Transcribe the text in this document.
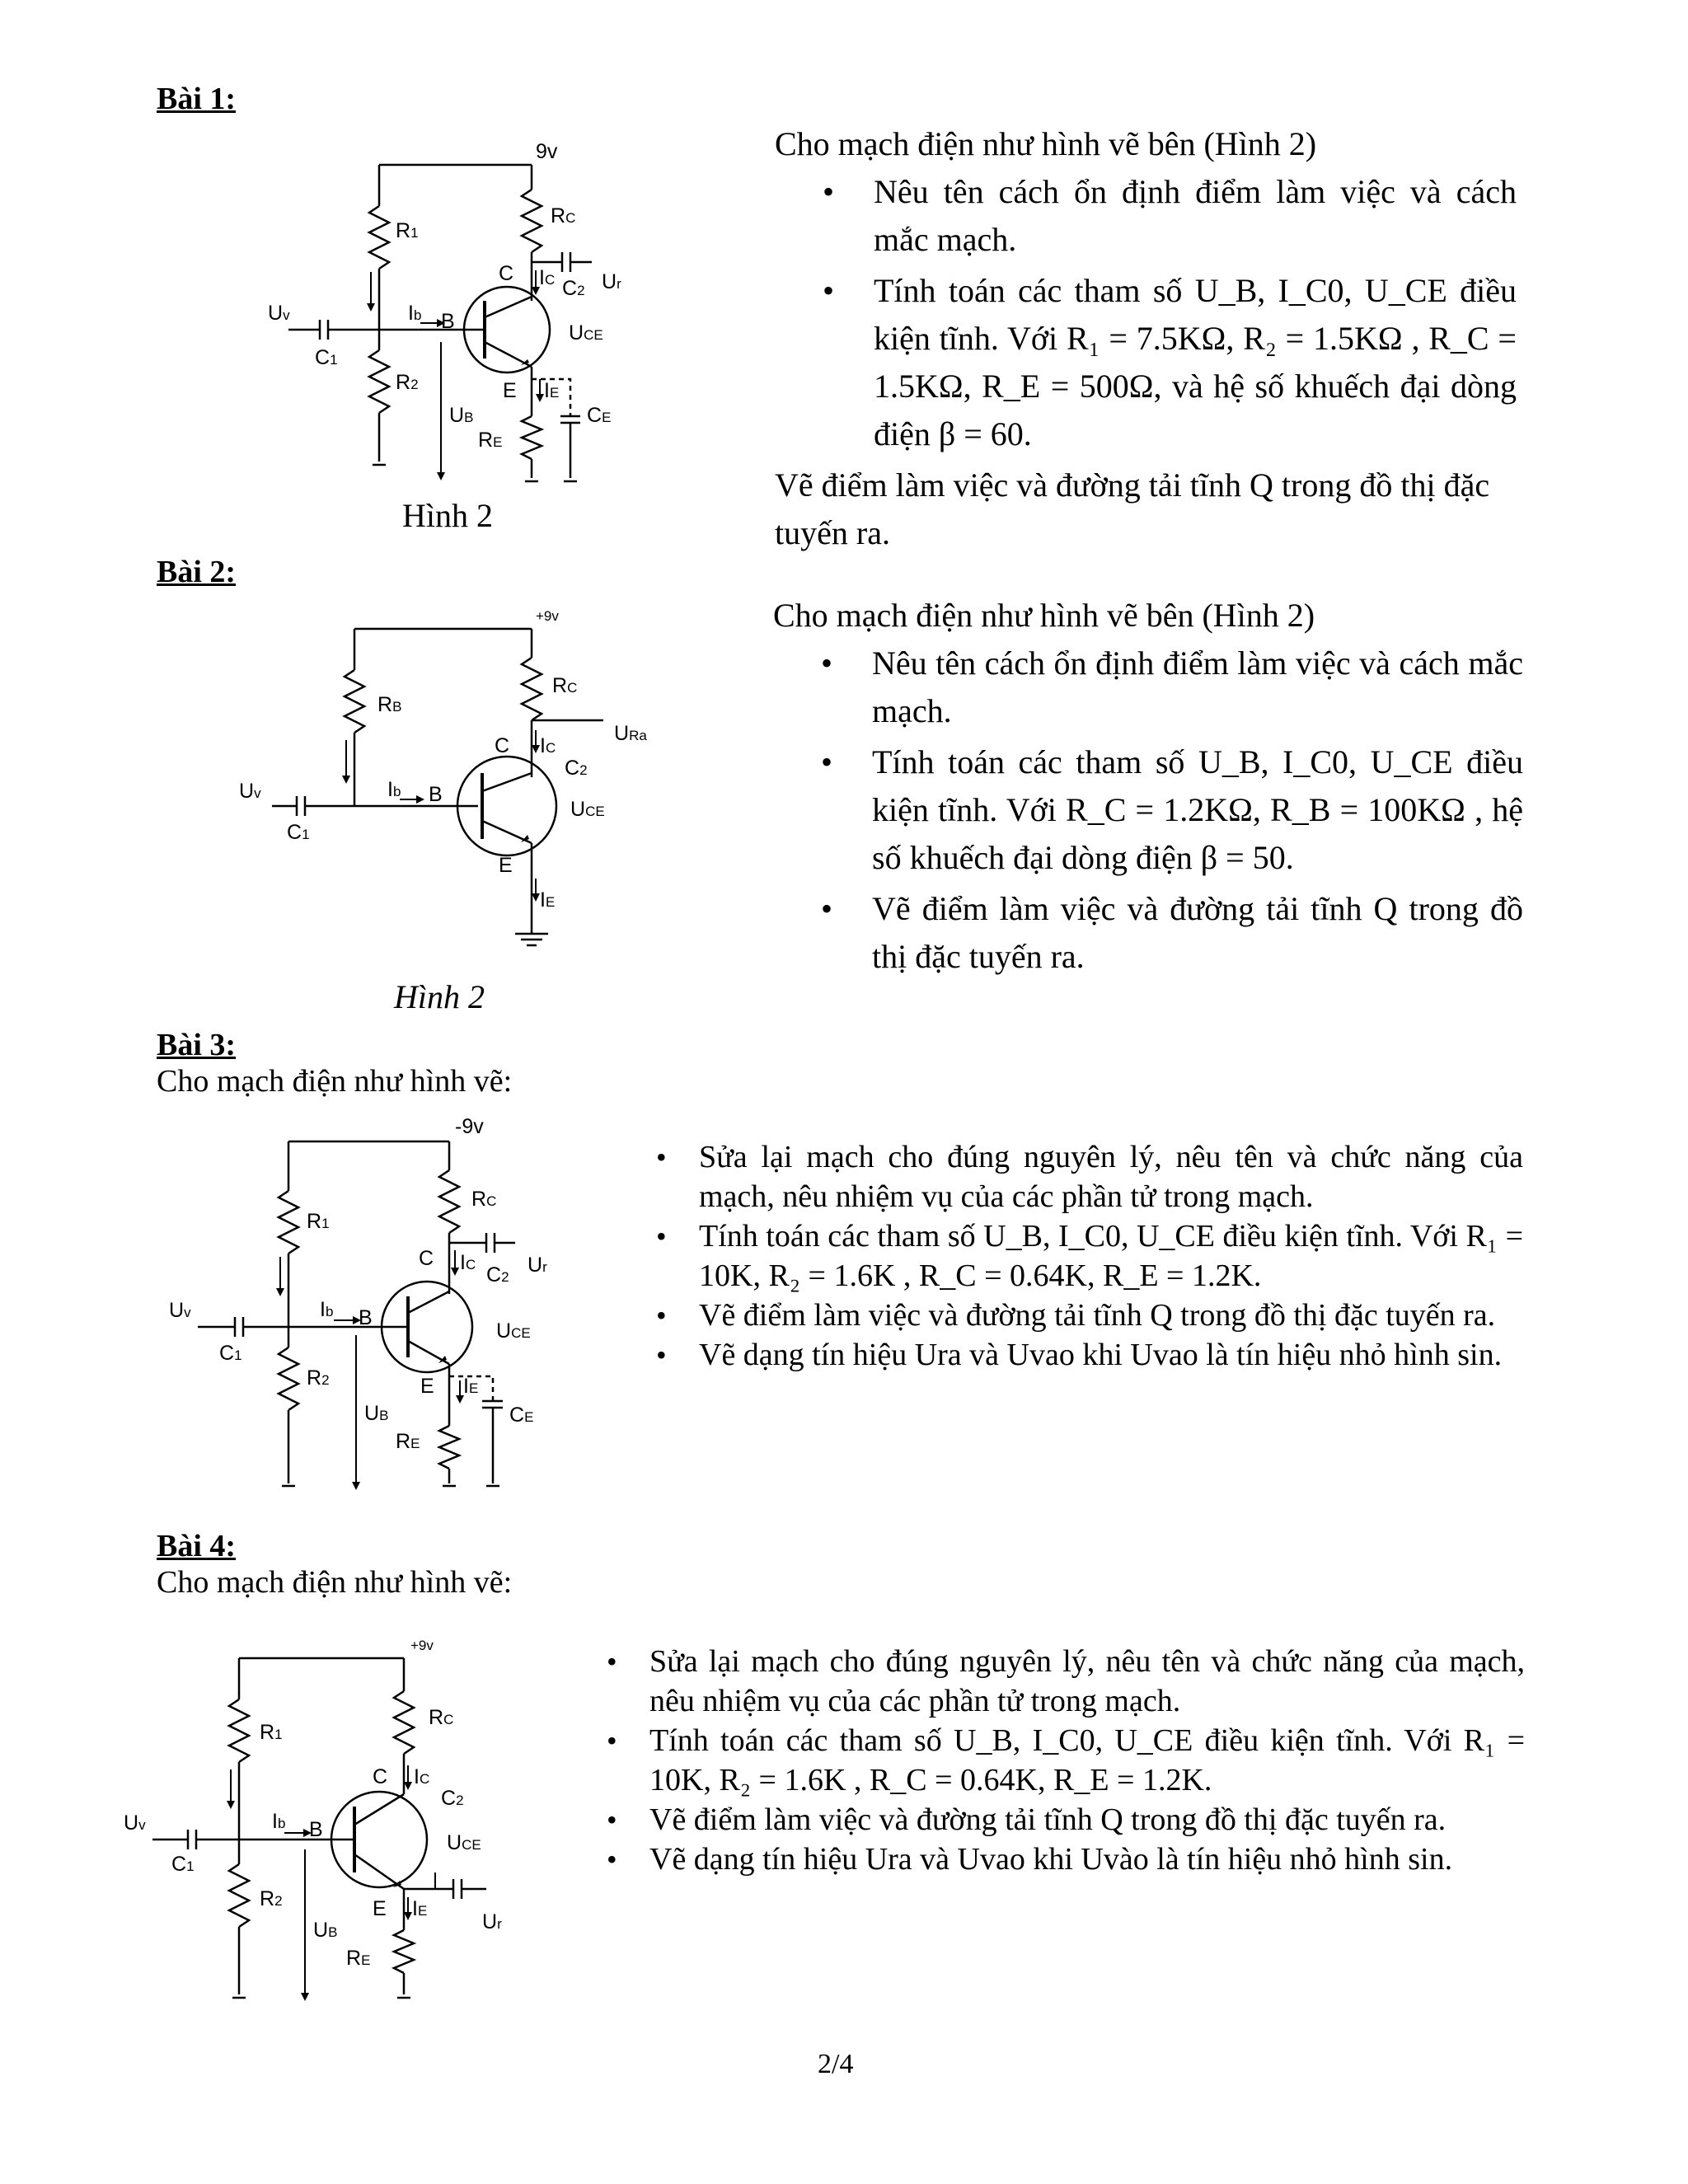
Bài 1:
9v
R1
R2
RC
RE
C IC C2 Ur
Uv
C1
Ib B	UCE
E IE
CE
UB
Hình 2
Cho mạch điện như hình vẽ bên (Hình 2)
• Nêu tên cách ổn định điểm làm việc và cách mắc mạch.
• Tính toán các tham số U_B, I_C0, U_CE điều kiện tĩnh. Với R₁ = 7.5KΩ, R₂ = 1.5KΩ , R_C = 1.5KΩ, R_E = 500Ω, và hệ số khuếch đại dòng điện β = 60.
Vẽ điểm làm việc và đường tải tĩnh Q trong đồ thị đặc tuyến ra.
Bài 2:
+9v
RB
RC
URa
C IC
C2
Uv
C1
Ib B
UCE
E
IE
Hình 2
Cho mạch điện như hình vẽ bên (Hình 2)
• Nêu tên cách ổn định điểm làm việc và cách mắc mạch.
• Tính toán các tham số U_B, I_C0, U_CE điều kiện tĩnh. Với R_C = 1.2KΩ, R_B = 100KΩ , hệ số khuếch đại dòng điện β = 50.
• Vẽ điểm làm việc và đường tải tĩnh Q trong đồ thị đặc tuyến ra.
Bài 3:
Cho mạch điện như hình vẽ:
-9v
R1
R2
RC
RE
C IC C2
Ur
Uv
C1
Ib B
UCE
E IE
CE
UB
• Sửa lại mạch cho đúng nguyên lý, nêu tên và chức năng của mạch, nêu nhiệm vụ của các phần tử trong mạch.
• Tính toán các tham số U_B, I_C0, U_CE điều kiện tĩnh. Với R₁ = 10K, R₂ = 1.6K , R_C = 0.64K, R_E = 1.2K.
• Vẽ điểm làm việc và đường tải tĩnh Q trong đồ thị đặc tuyến ra.
• Vẽ dạng tín hiệu Ura và Uvao khi Uvao là tín hiệu nhỏ hình sin.
Bài 4:
Cho mạch điện như hình vẽ:
+9v
R1
R2
RC
RE
C IC
C2
Ur
Uv
C1
Ib B
UCE
E IE
UB
• Sửa lại mạch cho đúng nguyên lý, nêu tên và chức năng của mạch, nêu nhiệm vụ của các phần tử trong mạch.
• Tính toán các tham số U_B, I_C0, U_CE điều kiện tĩnh. Với R₁ = 10K, R₂ = 1.6K , R_C = 0.64K, R_E = 1.2K.
• Vẽ điểm làm việc và đường tải tĩnh Q trong đồ thị đặc tuyến ra.
• Vẽ dạng tín hiệu Ura và Uvao khi Uvào là tín hiệu nhỏ hình sin.
2/4
